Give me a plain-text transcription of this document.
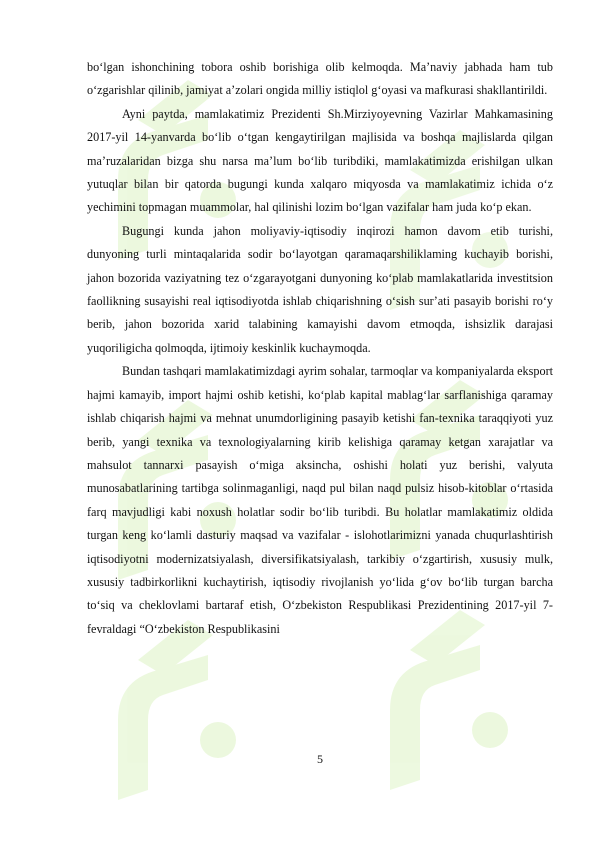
boʻlgan ishonchining tobora oshib borishiga olib kelmoqda. Maʼnaviy jabhada ham tub oʻzgarishlar qilinib, jamiyat aʼzolari ongida milliy istiqlol gʻoyasi va mafkurasi shakllantirildi.

Ayni paytda, mamlakatimiz Prezidenti Sh.Mirziyoyevning Vazirlar Mahkamasining 2017-yil 14-yanvarda boʻlib oʻtgan kengaytirilgan majlisida va boshqa majlislarda qilgan maʼruzalaridan bizga shu narsa maʼlum boʻlib turibdiki, mamlakatimizda erishilgan ulkan yutuqlar bilan bir qatorda bugungi kunda xalqaro miqyosda va mamlakatimiz ichida oʻz yechimini topmagan muammolar, hal qilinishi lozim boʻlgan vazifalar ham juda koʻp ekan.

Bugungi kunda jahon moliyaviy-iqtisodiy inqirozi hamon davom etib turishi, dunyoning turli mintaqalarida sodir boʻlayotgan qaramaqarshiliklaming kuchayib borishi, jahon bozorida vaziyatning tez oʻzgarayotgani dunyoning koʻplab mamlakatlarida investitsion faollikning susayishi real iqtisodiyotda ishlab chiqarishning oʻsish surʼati pasayib borishi roʻy berib, jahon bozorida xarid talabining kamayishi davom etmoqda, ishsizlik darajasi yuqoriligicha qolmoqda, ijtimoiy keskinlik kuchaymoqda.

Bundan tashqari mamlakatimizdagi ayrim sohalar, tarmoqlar va kompaniyalarda eksport hajmi kamayib, import hajmi oshib ketishi, koʻplab kapital mablagʻlar sarflanishiga qaramay ishlab chiqarish hajmi va mehnat unumdorligining pasayib ketishi fan-texnika taraqqiyoti yuz berib, yangi texnika va texnologiyalarning kirib kelishiga qaramay ketgan xarajatlar va mahsulot tannarxi pasayish oʻmiga aksincha, oshishi holati yuz berishi, valyuta munosabatlarining tartibga solinmaganligi, naqd pul bilan naqd pulsiz hisob-kitoblar oʻrtasida farq mavjudligi kabi noxush holatlar sodir boʻlib turibdi. Bu holatlar mamlakatimiz oldida turgan keng koʻlamli dasturiy maqsad va vazifalar - islohotlarimizni yanada chuqurlashtirish iqtisodiyotni modernizatsiyalash, diversifikatsiyalash, tarkibiy oʻzgartirish, xususiy mulk, xususiy tadbirkorlikni kuchaytirish, iqtisodiy rivojlanish yoʻlida gʻov boʻlib turgan barcha toʻsiq va cheklovlami bartaraf etish, Oʻzbekiston Respublikasi Prezidentining 2017-yil 7-fevraldagi “Oʻzbekiston Respublikasini

5
